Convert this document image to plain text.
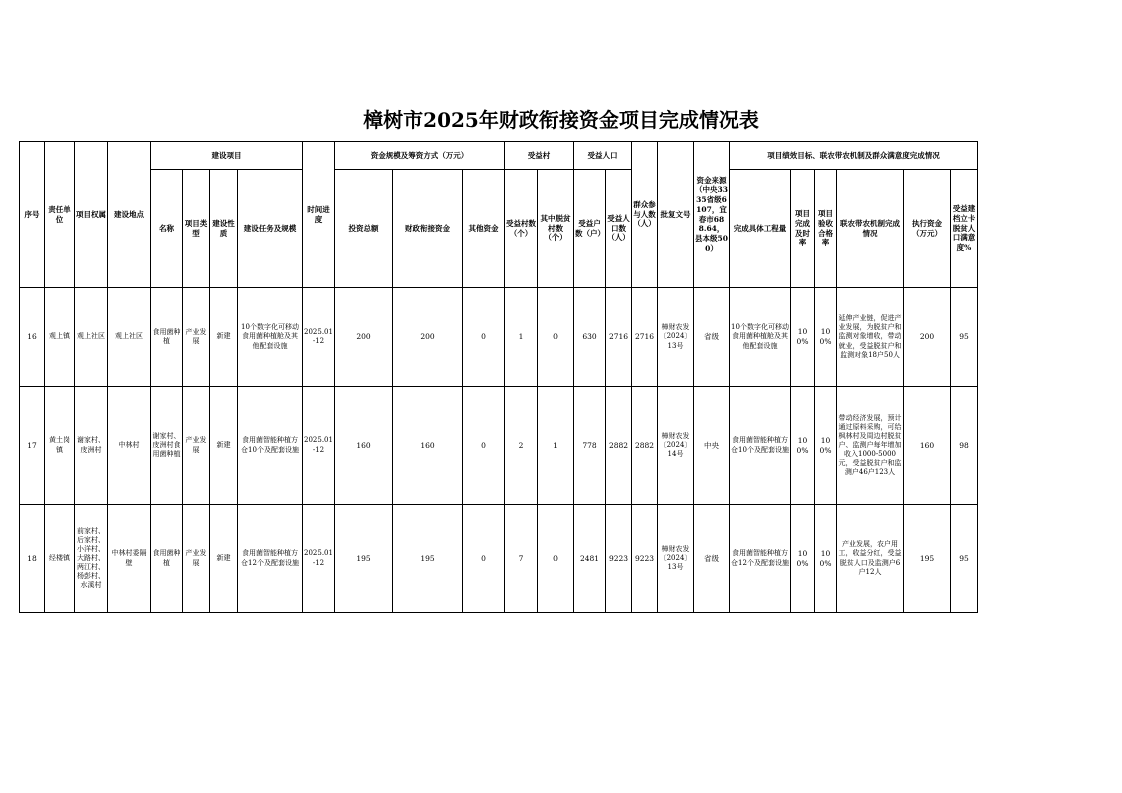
樟树市2025年财政衔接资金项目完成情况表
序号	责任单位	项目权属	建设地点	建设项目				时间进度	资金规模及筹资方式（万元）			受益村		受益人口		群众参与人数（人）	批复文号	资金来源（中央3335省级6107，宜春市688.64，县本级500）	项目绩效目标、联农带农机制及群众满意度完成情况					
				名称	项目类型	建设性质	建设任务及规模		投资总额	财政衔接资金	其他资金	受益村数（个）	其中脱贫村数（个）	受益户数（户）	受益人口数（人）				完成具体工程量	项目完成及时率	项目验收合格率	联农带农机制完成情况	执行资金（万元）	受益建档立卡脱贫人口满意度%
16	观上镇	观上社区	观上社区	食用菌种植	产业发展	新建	10个数字化可移动食用菌种植舱及其他配套设施	2025.01-12	200	200	0	1	0	630	2716	2716	樟财农发〔2024〕13号	省级	10个数字化可移动食用菌种植舱及其他配套设施	100%	100%	延伸产业链，促进产业发展，为脱贫户和监测对象增收，带动就业，受益脱贫户和监测对象18户50人	200	95
17	黄土岗镇	谢家村、庋洲村	中林村	谢家村、庋洲村食用菌种植	产业发展	新建	食用菌智能种植方仓10个及配套设施	2025.01-12	160	160	0	2	1	778	2882	2882	樟财农发〔2024〕14号	中央	食用菌智能种植方仓10个及配套设施	100%	100%	带动经济发展，预计通过原料采购，可给枫林村及周边村脱贫户、监测户每年增加收入1000-5000元，受益脱贫户和监测户46户123人	160	98
18	经楼镇	前家村、后家村、小洋村、大路村、两江村、杨彭村、水溪村	中林村委隔壁	食用菌种植	产业发展	新建	食用菌智能种植方仓12个及配套设施	2025.01-12	195	195	0	7	0	2481	9223	9223	樟财农发〔2024〕13号	省级	食用菌智能种植方仓12个及配套设施	100%	100%	产业发展，农户用工，收益分红，受益脱贫人口及监测户6户12人	195	95
